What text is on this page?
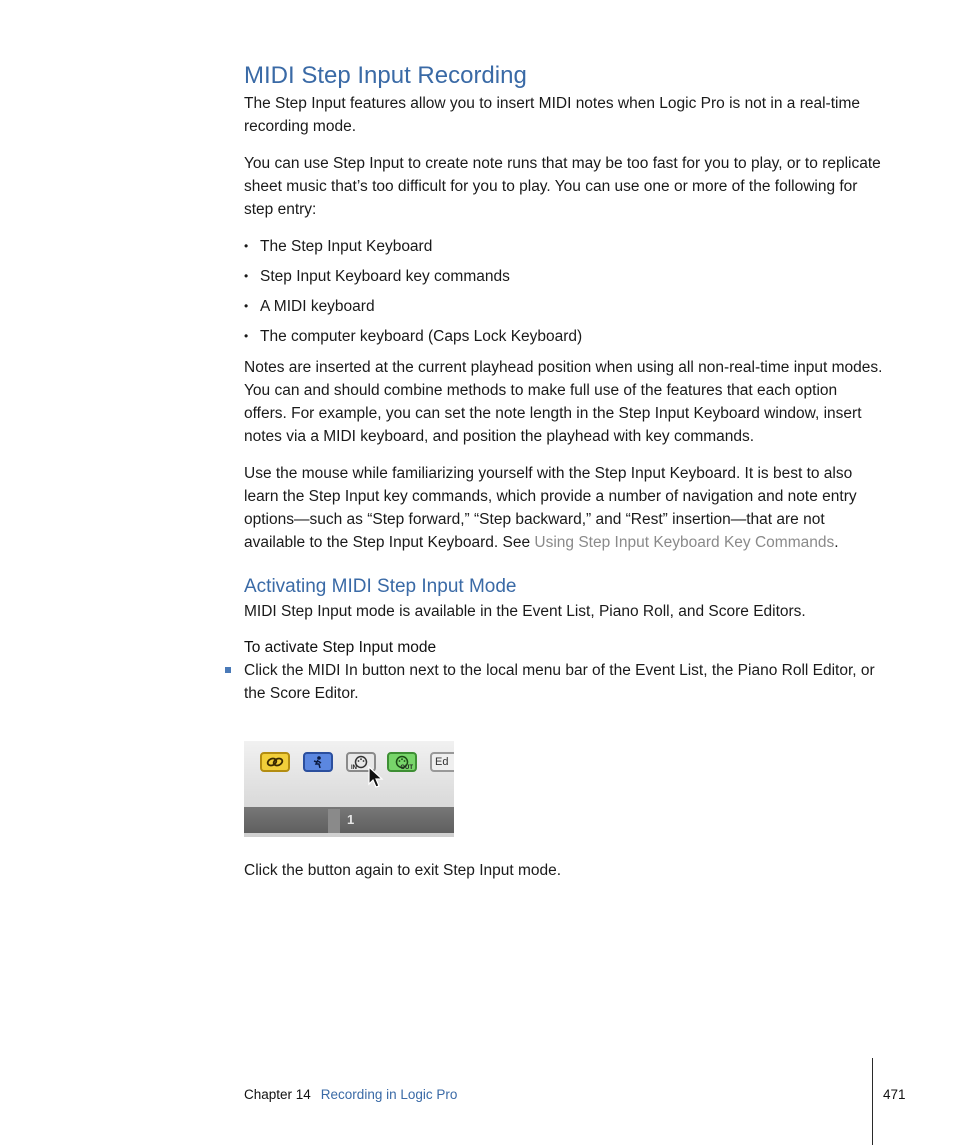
MIDI Step Input Recording

The Step Input features allow you to insert MIDI notes when Logic Pro is not in a real-time recording mode.

You can use Step Input to create note runs that may be too fast for you to play, or to replicate sheet music that’s too difficult for you to play. You can use one or more of the following for step entry:

• The Step Input Keyboard
• Step Input Keyboard key commands
• A MIDI keyboard
• The computer keyboard (Caps Lock Keyboard)

Notes are inserted at the current playhead position when using all non-real-time input modes. You can and should combine methods to make full use of the features that each option offers. For example, you can set the note length in the Step Input Keyboard window, insert notes via a MIDI keyboard, and position the playhead with key commands.

Use the mouse while familiarizing yourself with the Step Input Keyboard. It is best to also learn the Step Input key commands, which provide a number of navigation and note entry options—such as “Step forward,” “Step backward,” and “Rest” insertion—that are not available to the Step Input Keyboard. See Using Step Input Keyboard Key Commands.

Activating MIDI Step Input Mode

MIDI Step Input mode is available in the Event List, Piano Roll, and Score Editors.

To activate Step Input mode
Click the MIDI In button next to the local menu bar of the Event List, the Piano Roll Editor, or the Score Editor.
IN	OUT Ed
1

Click the button again to exit Step Input mode.

Chapter 14 Recording in Logic Pro	471
